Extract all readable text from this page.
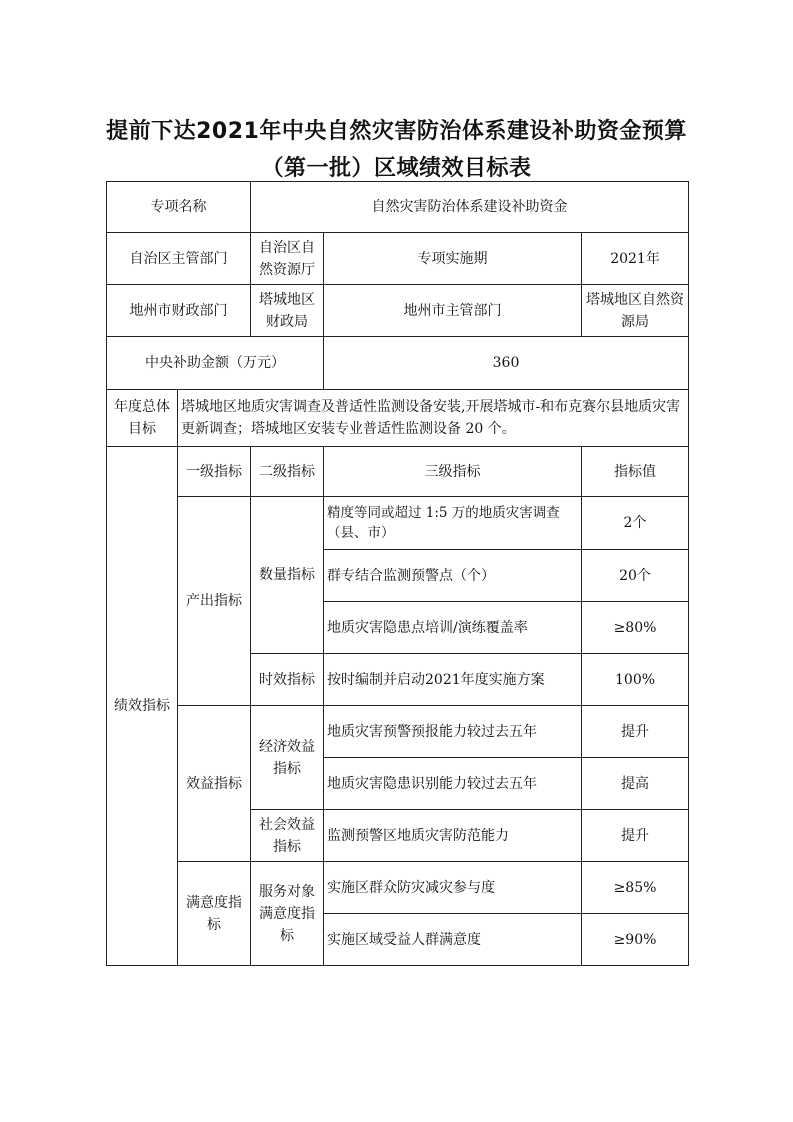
提前下达2021年中央自然灾害防治体系建设补助资金预算
（第一批）区域绩效目标表
专项名称		自然灾害防治体系建设补助资金		
自治区主管部门		自治区自然资源厅	专项实施期	2021年
地州市财政部门		塔城地区财政局	地州市主管部门	塔城地区自然资源局
中央补助金额（万元）			360	
年度总体目标	塔城地区地质灾害调查及普适性监测设备安装,开展塔城市-和布克赛尔县地质灾害更新调查；塔城地区安装专业普适性监测设备 20 个。			
绩效指标	一级指标	二级指标	三级指标	指标值
	产出指标	数量指标	精度等同或超过 1:5 万的地质灾害调查（县、市）	2个
			群专结合监测预警点（个）	20个
			地质灾害隐患点培训/演练覆盖率	≥80%
		时效指标	按时编制并启动2021年度实施方案	100%
	效益指标	经济效益指标	地质灾害预警预报能力较过去五年	提升
			地质灾害隐患识别能力较过去五年	提高
		社会效益指标	监测预警区地质灾害防范能力	提升
	满意度指标	服务对象满意度指标	实施区群众防灾减灾参与度	≥85%
			实施区域受益人群满意度	≥90%
